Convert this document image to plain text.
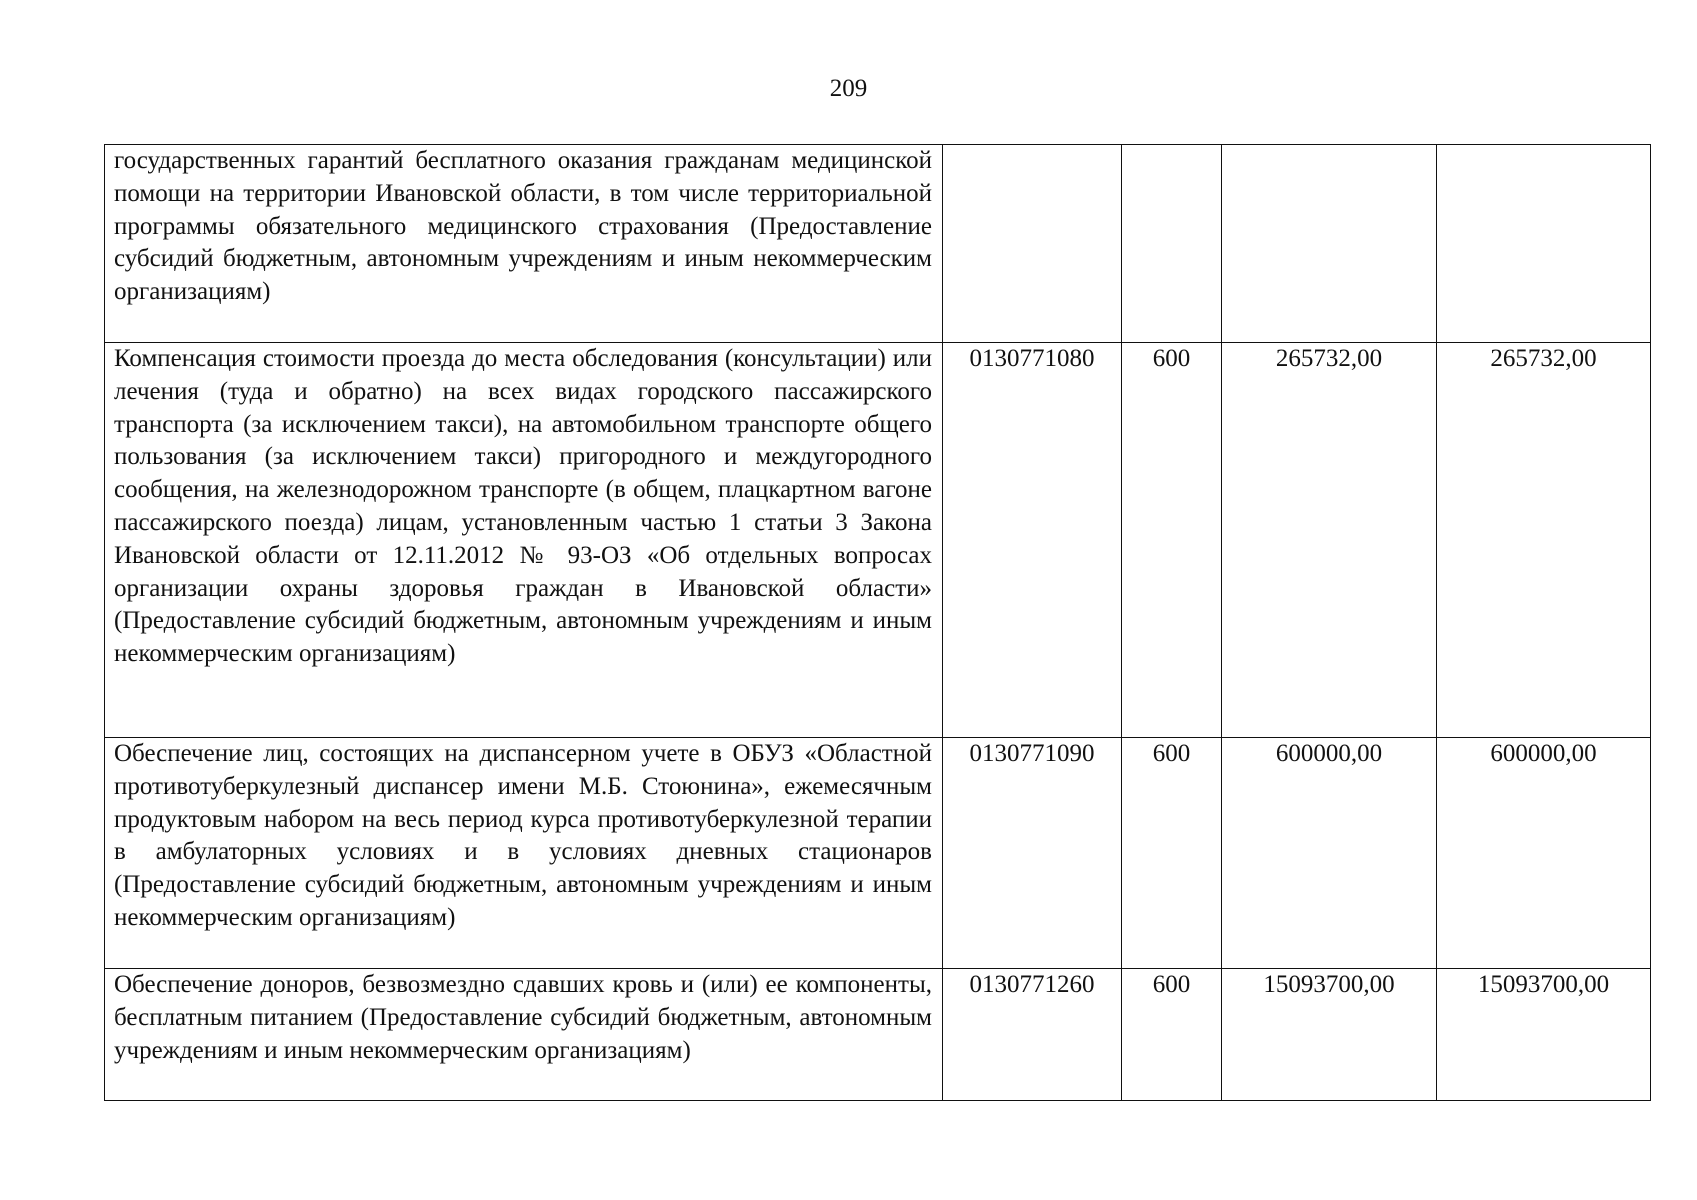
209
государственных гарантий бесплатного оказания гражданам медицинской помощи на территории Ивановской области, в том числе территориальной программы обязательного медицинского страхования (Предоставление субсидий бюджетным, автономным учреждениям и иным некоммерческим организациям)				
Компенсация стоимости проезда до места обследования (консультации) или лечения (туда и обратно) на всех видах городского пассажирского транспорта (за исключением такси), на автомобильном транспорте общего пользования (за исключением такси) пригородного и междугородного сообщения, на железнодорожном транспорте (в общем, плацкартном вагоне пассажирского поезда) лицам, установленным частью 1 статьи 3 Закона Ивановской области от 12.11.2012 № 93-ОЗ «Об отдельных вопросах организации охраны здоровья граждан в Ивановской области» (Предоставление субсидий бюджетным, автономным учреждениям и иным некоммерческим организациям)	0130771080	600	265732,00	265732,00
Обеспечение лиц, состоящих на диспансерном учете в ОБУЗ «Областной противотуберкулезный диспансер имени М.Б. Стоюнина», ежемесячным продуктовым набором на весь период курса противотуберкулезной терапии в амбулаторных условиях и в условиях дневных стационаров (Предоставление субсидий бюджетным, автономным учреждениям и иным некоммерческим организациям)	0130771090	600	600000,00	600000,00
Обеспечение доноров, безвозмездно сдавших кровь и (или) ее компоненты, бесплатным питанием (Предоставление субсидий бюджетным, автономным учреждениям и иным некоммерческим организациям)	0130771260	600	15093700,00	15093700,00
